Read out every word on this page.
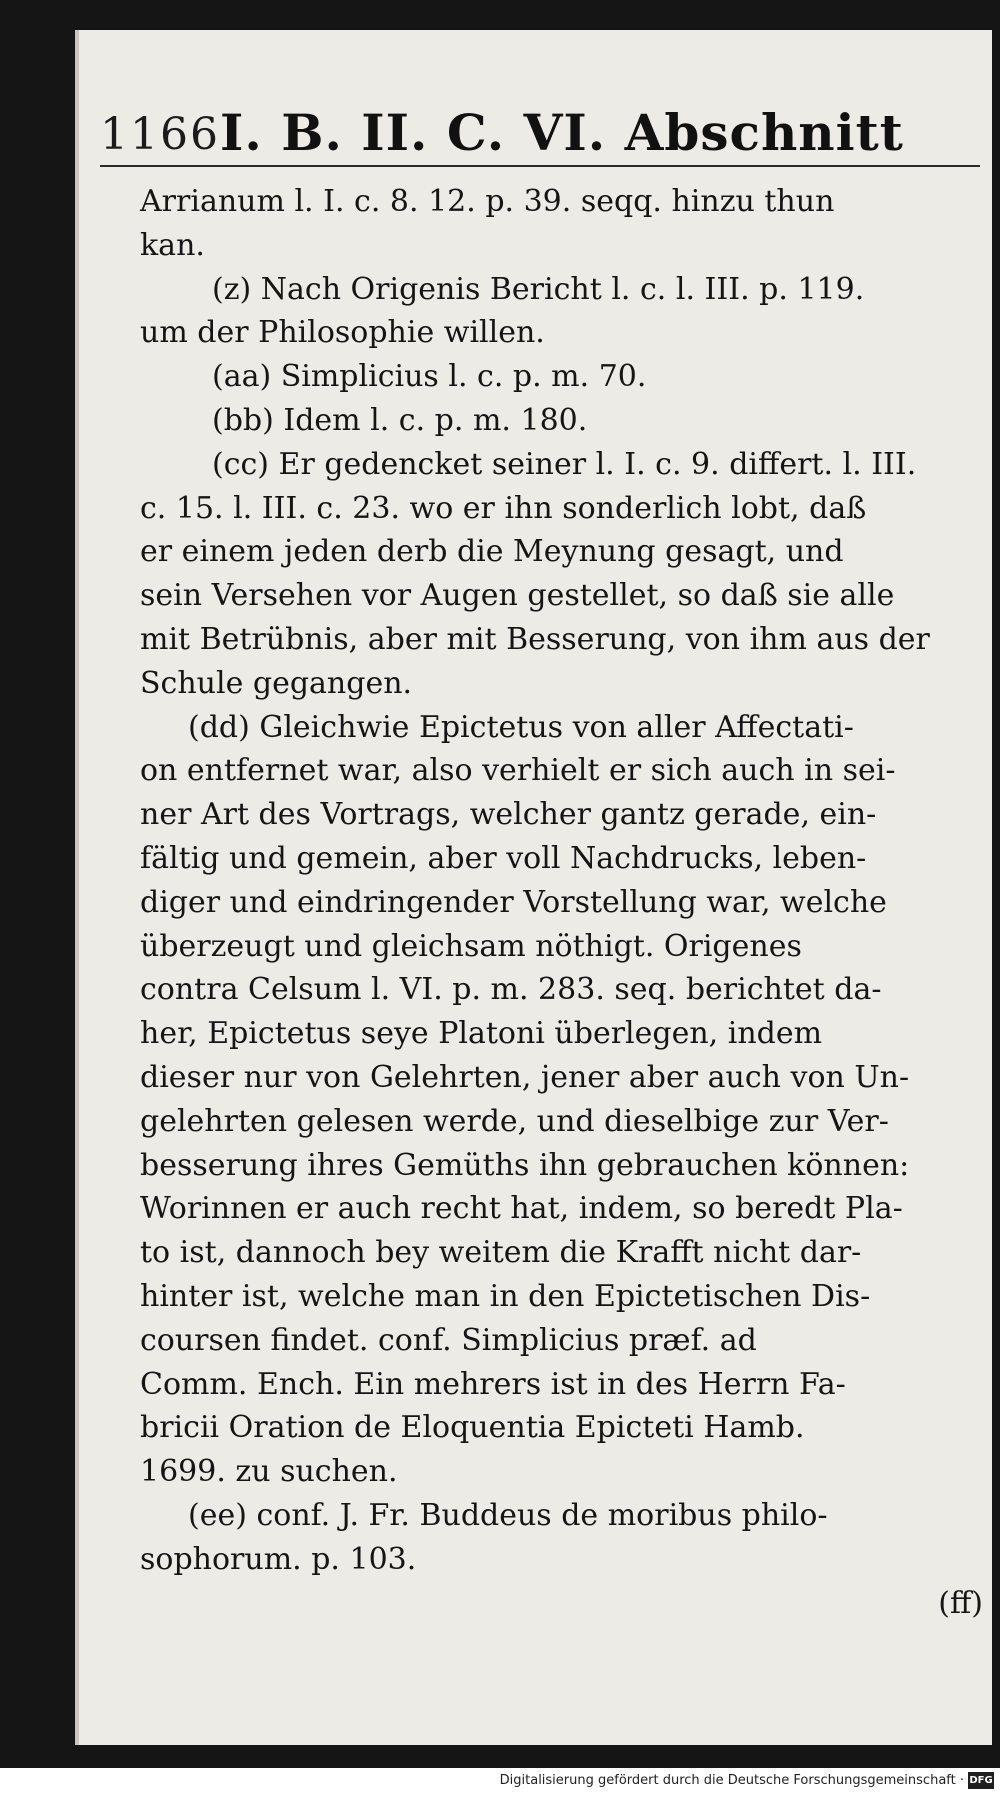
1166 I. B. II. C. VI. Abschnitt
Arrianum l. I. c. 8. 12. p. 39. seqq. hinzu thun
kan.
(z) Nach Origenis Bericht l. c. l. III. p. 119.
um der Philosophie willen.
(aa) Simplicius l. c. p. m. 70.
(bb) Idem l. c. p. m. 180.
(cc) Er gedencket seiner l. I. c. 9. differt. l. III.
c. 15. l. III. c. 23. wo er ihn sonderlich lobt, daß
er einem jeden derb die Meynung gesagt, und
sein Versehen vor Augen gestellet, so daß sie alle
mit Betrübnis, aber mit Besserung, von ihm aus der
Schule gegangen.
(dd) Gleichwie Epictetus von aller Affectati-
on entfernet war, also verhielt er sich auch in sei-
ner Art des Vortrags, welcher gantz gerade, ein-
fältig und gemein, aber voll Nachdrucks, leben-
diger und eindringender Vorstellung war, welche
überzeugt und gleichsam nöthigt. Origenes
contra Celsum l. VI. p. m. 283. seq. berichtet da-
her, Epictetus seye Platoni überlegen, indem
dieser nur von Gelehrten, jener aber auch von Un-
gelehrten gelesen werde, und dieselbige zur Ver-
besserung ihres Gemüths ihn gebrauchen können:
Worinnen er auch recht hat, indem, so beredt Pla-
to ist, dannoch bey weitem die Krafft nicht dar-
hinter ist, welche man in den Epictetischen Dis-
coursen findet. conf. Simplicius præf. ad
Comm. Ench. Ein mehrers ist in des Herrn Fa-
bricii Oration de Eloquentia Epicteti Hamb.
1699. zu suchen.
(ee) conf. J. Fr. Buddeus de moribus philo-
sophorum. p. 103.
(ff)
Digitalisierung gefördert durch die Deutsche Forschungsgemeinschaft · DFG
